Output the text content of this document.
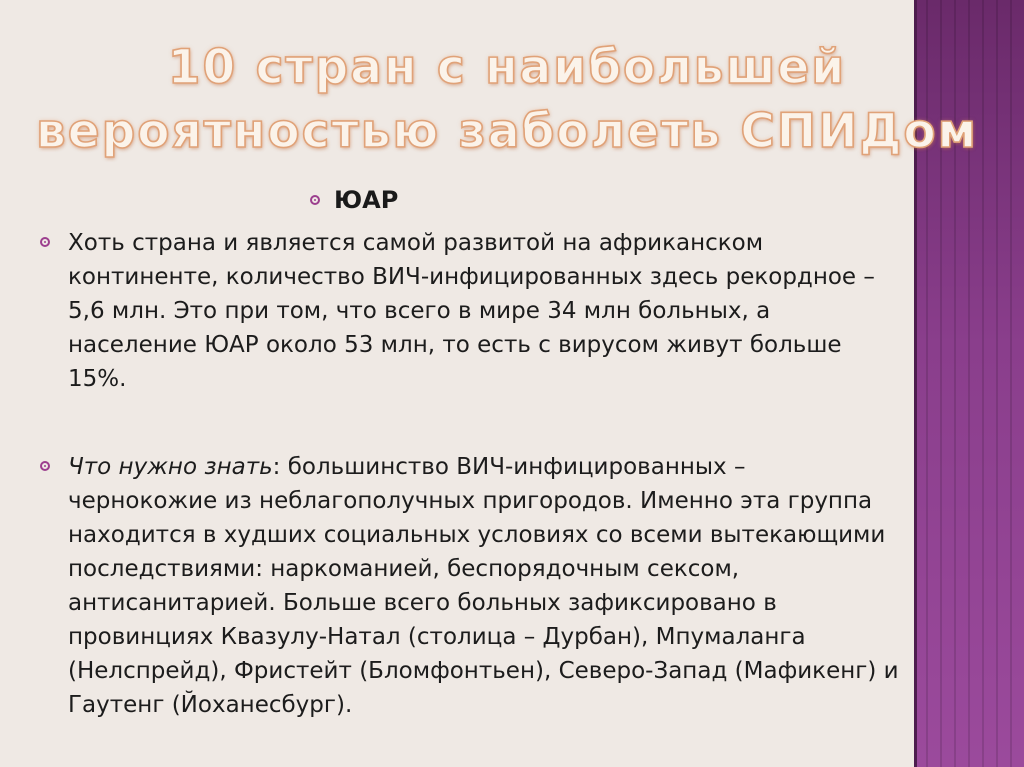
10 стран с наибольшей
вероятностью заболеть СПИДом
ЮАР
Хоть страна и является самой развитой на африканском континенте, количество ВИЧ-инфицированных здесь рекордное – 5,6 млн. Это при том, что всего в мире 34 млн больных, а население ЮАР около 53 млн, то есть с вирусом живут больше 15%.
Что нужно знать: большинство ВИЧ-инфицированных – чернокожие из неблагополучных пригородов. Именно эта группа находится в худших социальных условиях со всеми вытекающими последствиями: наркоманией, беспорядочным сексом, антисанитарией. Больше всего больных зафиксировано в провинциях Квазулу-Натал (столица – Дурбан), Мпумаланга (Нелспрейд), Фристейт (Бломфонтьен), Северо-Запад (Мафикенг) и Гаутенг (Йоханесбург).
